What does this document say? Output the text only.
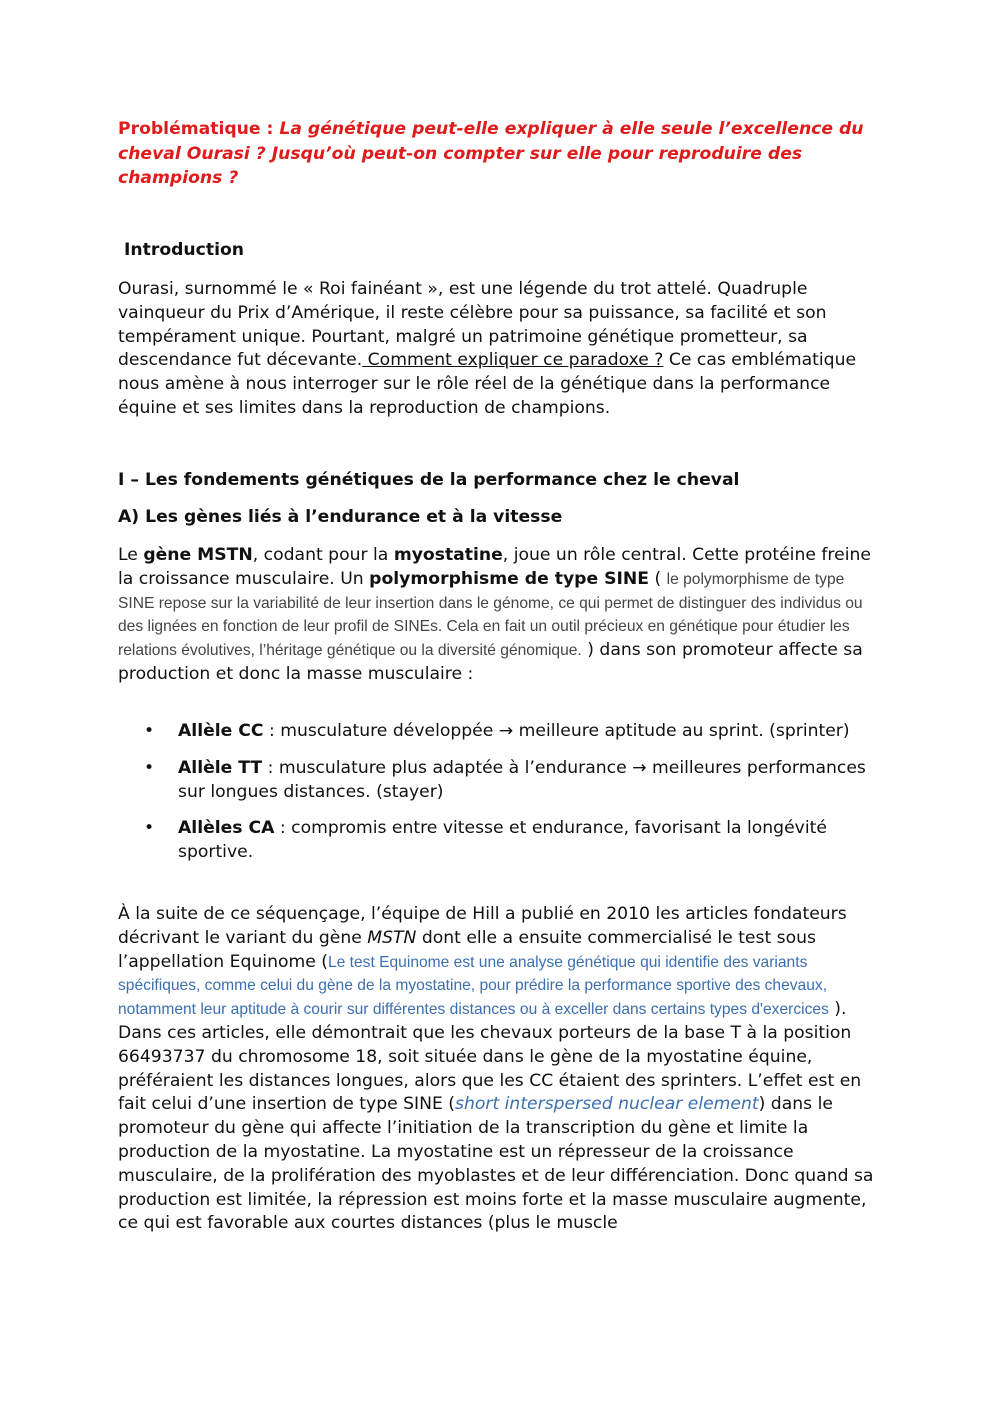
Problématique : La génétique peut-elle expliquer à elle seule l’excellence du cheval Ourasi ? Jusqu’où peut-on compter sur elle pour reproduire des champions ?
Introduction
Ourasi, surnommé le « Roi fainéant », est une légende du trot attelé. Quadruple vainqueur du Prix d’Amérique, il reste célèbre pour sa puissance, sa facilité et son tempérament unique. Pourtant, malgré un patrimoine génétique prometteur, sa descendance fut décevante. Comment expliquer ce paradoxe ? Ce cas emblématique nous amène à nous interroger sur le rôle réel de la génétique dans la performance équine et ses limites dans la reproduction de champions.
I – Les fondements génétiques de la performance chez le cheval
A) Les gènes liés à l’endurance et à la vitesse
Le gène MSTN, codant pour la myostatine, joue un rôle central. Cette protéine freine la croissance musculaire. Un polymorphisme de type SINE ( le polymorphisme de type SINE repose sur la variabilité de leur insertion dans le génome, ce qui permet de distinguer des individus ou des lignées en fonction de leur profil de SINEs. Cela en fait un outil précieux en génétique pour étudier les relations évolutives, l’héritage génétique ou la diversité génomique. ) dans son promoteur affecte sa production et donc la masse musculaire :
• Allèle CC : musculature développée → meilleure aptitude au sprint. (sprinter)
• Allèle TT : musculature plus adaptée à l’endurance → meilleures performances sur longues distances. (stayer)
• Allèles CA : compromis entre vitesse et endurance, favorisant la longévité sportive.
À la suite de ce séquençage, l’équipe de Hill a publié en 2010 les articles fondateurs décrivant le variant du gène MSTN dont elle a ensuite commercialisé le test sous l’appellation Equinome (Le test Equinome est une analyse génétique qui identifie des variants spécifiques, comme celui du gène de la myostatine, pour prédire la performance sportive des chevaux, notamment leur aptitude à courir sur différentes distances ou à exceller dans certains types d'exercices ). Dans ces articles, elle démontrait que les chevaux porteurs de la base T à la position 66493737 du chromosome 18, soit située dans le gène de la myostatine équine, préféraient les distances longues, alors que les CC étaient des sprinters. L’effet est en fait celui d’une insertion de type SINE (short interspersed nuclear element) dans le promoteur du gène qui affecte l’initiation de la transcription du gène et limite la production de la myostatine. La myostatine est un répresseur de la croissance musculaire, de la prolifération des myoblastes et de leur différenciation. Donc quand sa production est limitée, la répression est moins forte et la masse musculaire augmente, ce qui est favorable aux courtes distances (plus le muscle
